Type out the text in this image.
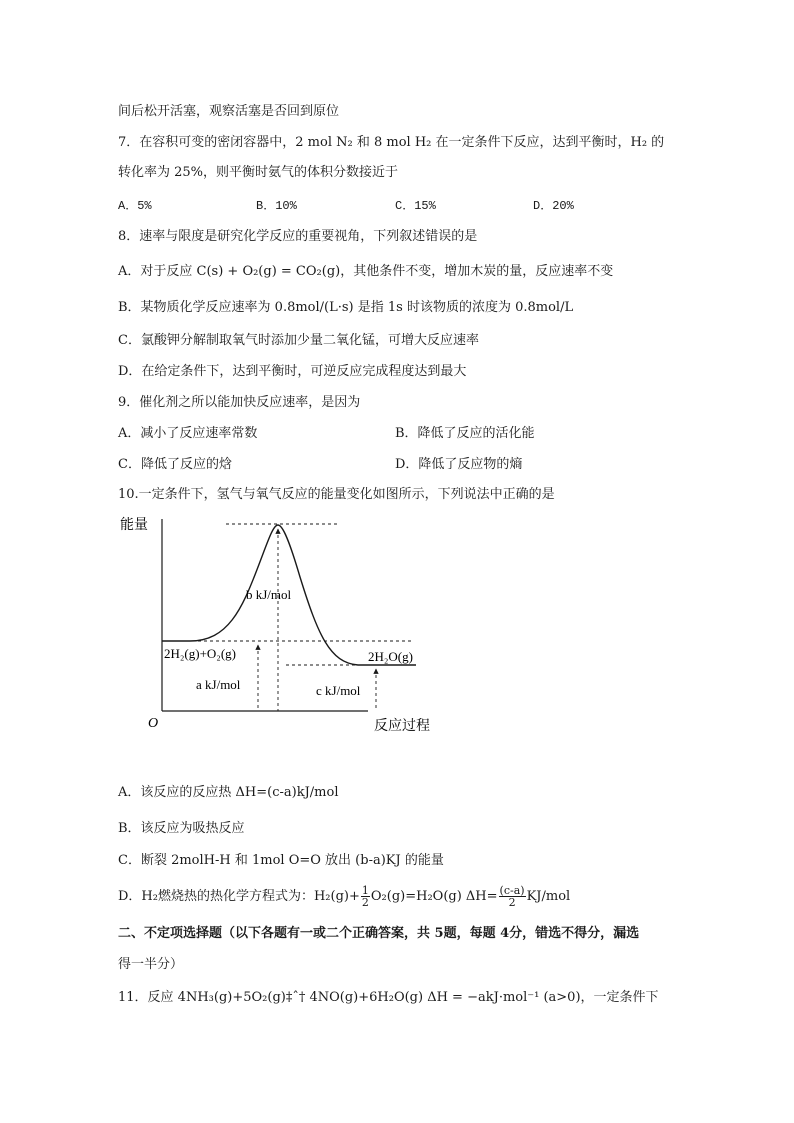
间后松开活塞，观察活塞是否回到原位
7．在容积可变的密闭容器中，2 mol N₂ 和 8 mol H₂ 在一定条件下反应，达到平衡时，H₂ 的
转化率为 25%，则平衡时氨气的体积分数接近于
A．5%	B．10%	C．15%	D．20%
8．速率与限度是研究化学反应的重要视角，下列叙述错误的是
A．对于反应 C(s) + O₂(g) = CO₂(g)，其他条件不变，增加木炭的量，反应速率不变
B．某物质化学反应速率为 0.8mol/(L·s) 是指 1s 时该物质的浓度为 0.8mol/L
C．氯酸钾分解制取氧气时添加少量二氧化锰，可增大反应速率
D．在给定条件下，达到平衡时，可逆反应完成程度达到最大
9．催化剂之所以能加快反应速率，是因为
A．减小了反应速率常数	B．降低了反应的活化能
C．降低了反应的焓	D．降低了反应物的熵
10.一定条件下，氢气与氧气反应的能量变化如图所示，下列说法中正确的是
能量
反应过程
O
b kJ/mol
2H₂(g)+O₂(g)
a kJ/mol
2H₂O(g)
c kJ/mol
A．该反应的反应热 ΔH=(c-a)kJ/mol
B．该反应为吸热反应
C．断裂 2molH-H 和 1mol O=O 放出 (b-a)KJ 的能量
D．H₂燃烧热的热化学方程式为：$H_2(g)+ \frac{1}{2} O_2(g)=H_2O(g)$ $\Delta H= \frac{(c-a)}{2} KJ/mol$
二、不定项选择题（以下各题有一或二个正确答案，共 5题，每题 4分，错选不得分，漏选
得一半分）
11．反应 4NH₃(g)+5O₂(g)‡ˆ† 4NO(g)+6H₂O(g) ΔH = −akJ·mol⁻¹ (a>0)，一定条件下
